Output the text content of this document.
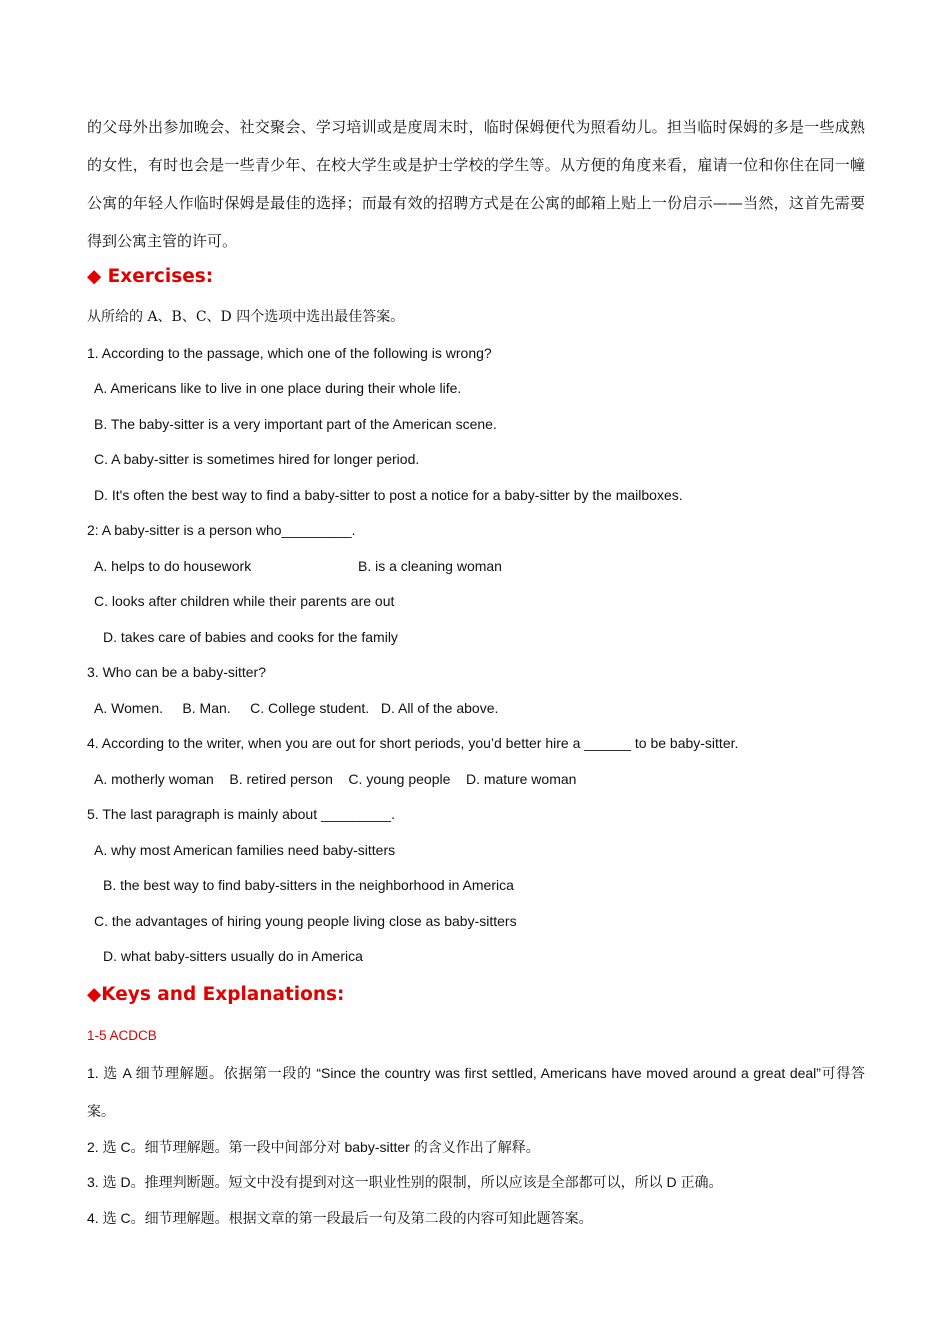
的父母外出参加晚会、社交聚会、学习培训或是度周末时，临时保姆便代为照看幼儿。担当临时保姆的多是一些成熟的女性，有时也会是一些青少年、在校大学生或是护士学校的学生等。从方便的角度来看，雇请一位和你住在同一幢公寓的年轻人作临时保姆是最佳的选择；而最有效的招聘方式是在公寓的邮箱上贴上一份启示——当然，这首先需要得到公寓主管的许可。

◆ Exercises:

从所给的 A、B、C、D 四个选项中选出最佳答案。

1. According to the passage, which one of the following is wrong?

A. Americans like to live in one place during their whole life.

B. The baby-sitter is a very important part of the American scene.

C. A baby-sitter is sometimes hired for longer period.

D. It's often the best way to find a baby-sitter to post a notice for a baby-sitter by the mailboxes.

2: A baby-sitter is a person who_________.

A. helps to do housework	B. is a cleaning woman

C. looks after children while their parents are out

D. takes care of babies and cooks for the family

3. Who can be a baby-sitter?

A. Women.     B. Man.     C. College student.   D. All of the above.

4. According to the writer, when you are out for short periods, you’d better hire a ______ to be baby-sitter.

A. motherly woman    B. retired person    C. young people    D. mature woman

5. The last paragraph is mainly about _________.

A. why most American families need baby-sitters

B. the best way to find baby-sitters in the neighborhood in America

C. the advantages of hiring young people living close as baby-sitters

D. what baby-sitters usually do in America

◆Keys and Explanations:

1-5 ACDCB

1. 选 A 细节理解题。依据第一段的 “Since the country was first settled, Americans have moved around a great deal”可得答案。

2. 选 C。细节理解题。第一段中间部分对 baby-sitter 的含义作出了解释。

3. 选 D。推理判断题。短文中没有提到对这一职业性别的限制，所以应该是全部都可以，所以 D 正确。

4. 选 C。细节理解题。根据文章的第一段最后一句及第二段的内容可知此题答案。
